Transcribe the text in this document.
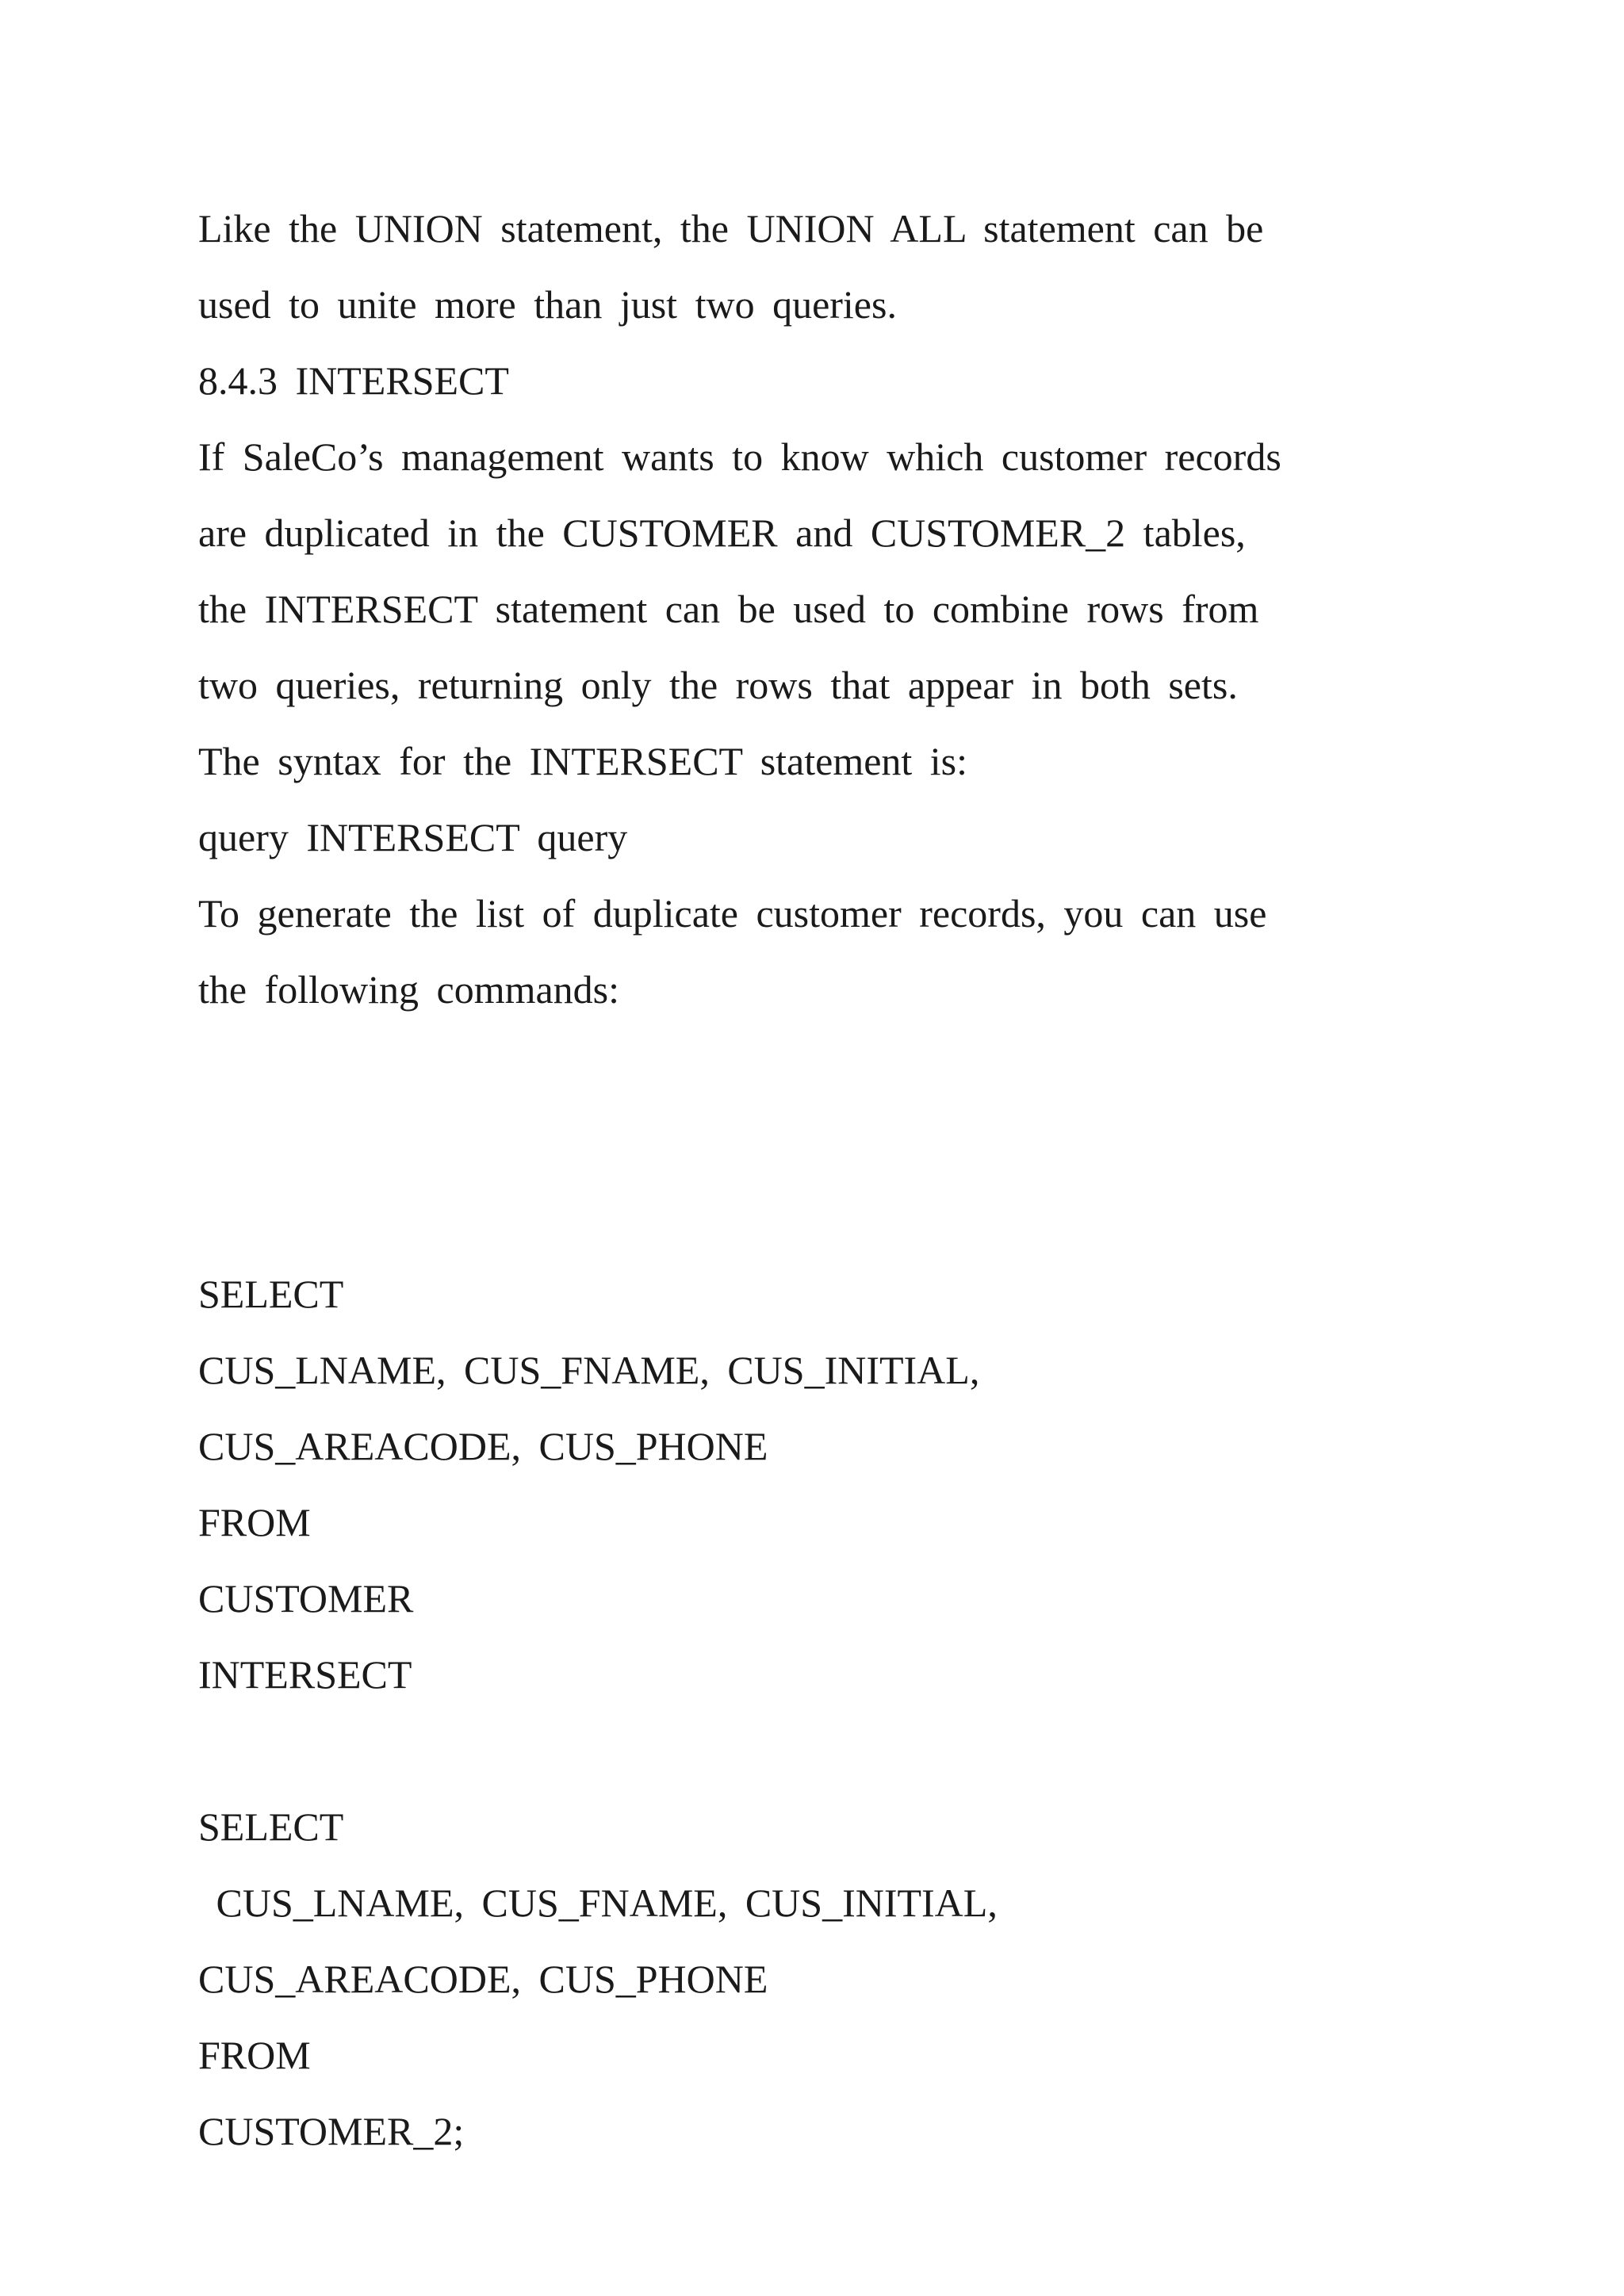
Like the UNION statement, the UNION ALL statement can be
used to unite more than just two queries.
8.4.3 INTERSECT
If SaleCo’s management wants to know which customer records
are duplicated in the CUSTOMER and CUSTOMER_2 tables,
the INTERSECT statement can be used to combine rows from
two queries, returning only the rows that appear in both sets.
The syntax for the INTERSECT statement is:
query INTERSECT query
To generate the list of duplicate customer records, you can use
the following commands:
SELECT
CUS_LNAME, CUS_FNAME, CUS_INITIAL,
CUS_AREACODE, CUS_PHONE
FROM
CUSTOMER
INTERSECT
SELECT
CUS_LNAME, CUS_FNAME, CUS_INITIAL,
CUS_AREACODE, CUS_PHONE
FROM
CUSTOMER_2;
